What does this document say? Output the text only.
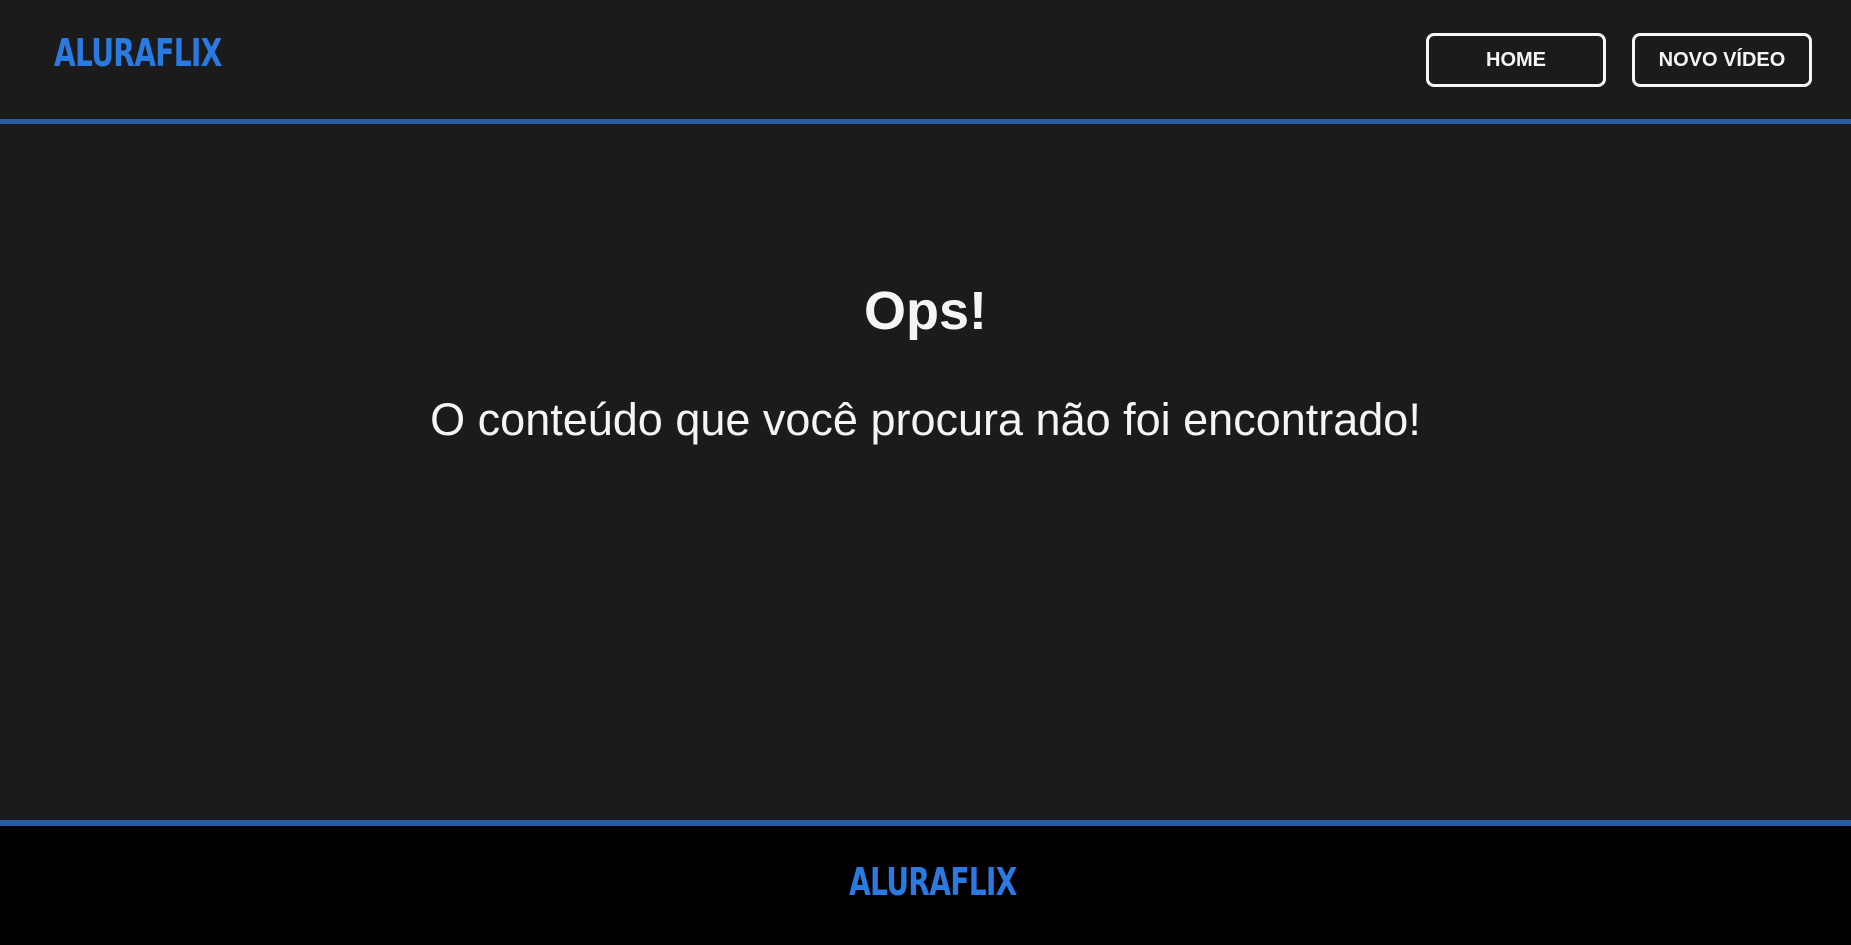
ALURAFLIX	HOME	NOVO VÍDEO
Ops!

O conteúdo que você procura não foi encontrado!

ALURAFLIX
